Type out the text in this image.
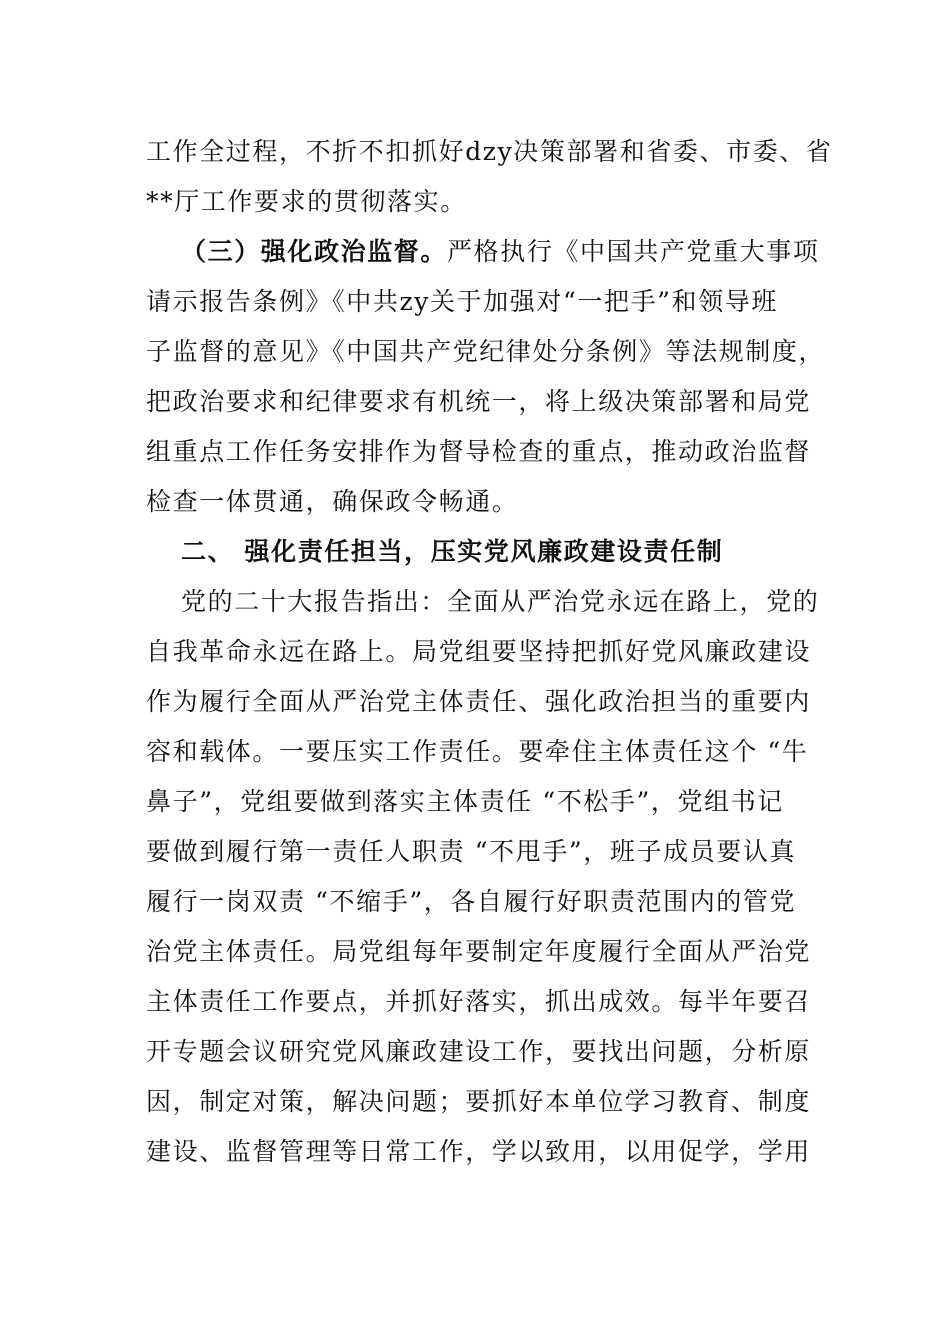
工作全过程，不折不扣抓好dzy决策部署和省委、市委、省
**厅工作要求的贯彻落实。
（三）强化政治监督。严格执行《中国共产党重大事项
请示报告条例》《中共zy关于加强对“一把手”和领导班
子监督的意见》《中国共产党纪律处分条例》等法规制度，
把政治要求和纪律要求有机统一，将上级决策部署和局党
组重点工作任务安排作为督导检查的重点，推动政治监督
检查一体贯通，确保政令畅通。
二、 强化责任担当，压实党风廉政建设责任制
党的二十大报告指出：全面从严治党永远在路上，党的
自我革命永远在路上。局党组要坚持把抓好党风廉政建设
作为履行全面从严治党主体责任、强化政治担当的重要内
容和载体。一要压实工作责任。要牵住主体责任这个 “牛
鼻子”，党组要做到落实主体责任 “不松手”，党组书记
要做到履行第一责任人职责 “不甩手”，班子成员要认真
履行一岗双责 “不缩手”，各自履行好职责范围内的管党
治党主体责任。局党组每年要制定年度履行全面从严治党
主体责任工作要点，并抓好落实，抓出成效。每半年要召
开专题会议研究党风廉政建设工作，要找出问题，分析原
因，制定对策，解决问题；要抓好本单位学习教育、制度
建设、监督管理等日常工作，学以致用，以用促学，学用
